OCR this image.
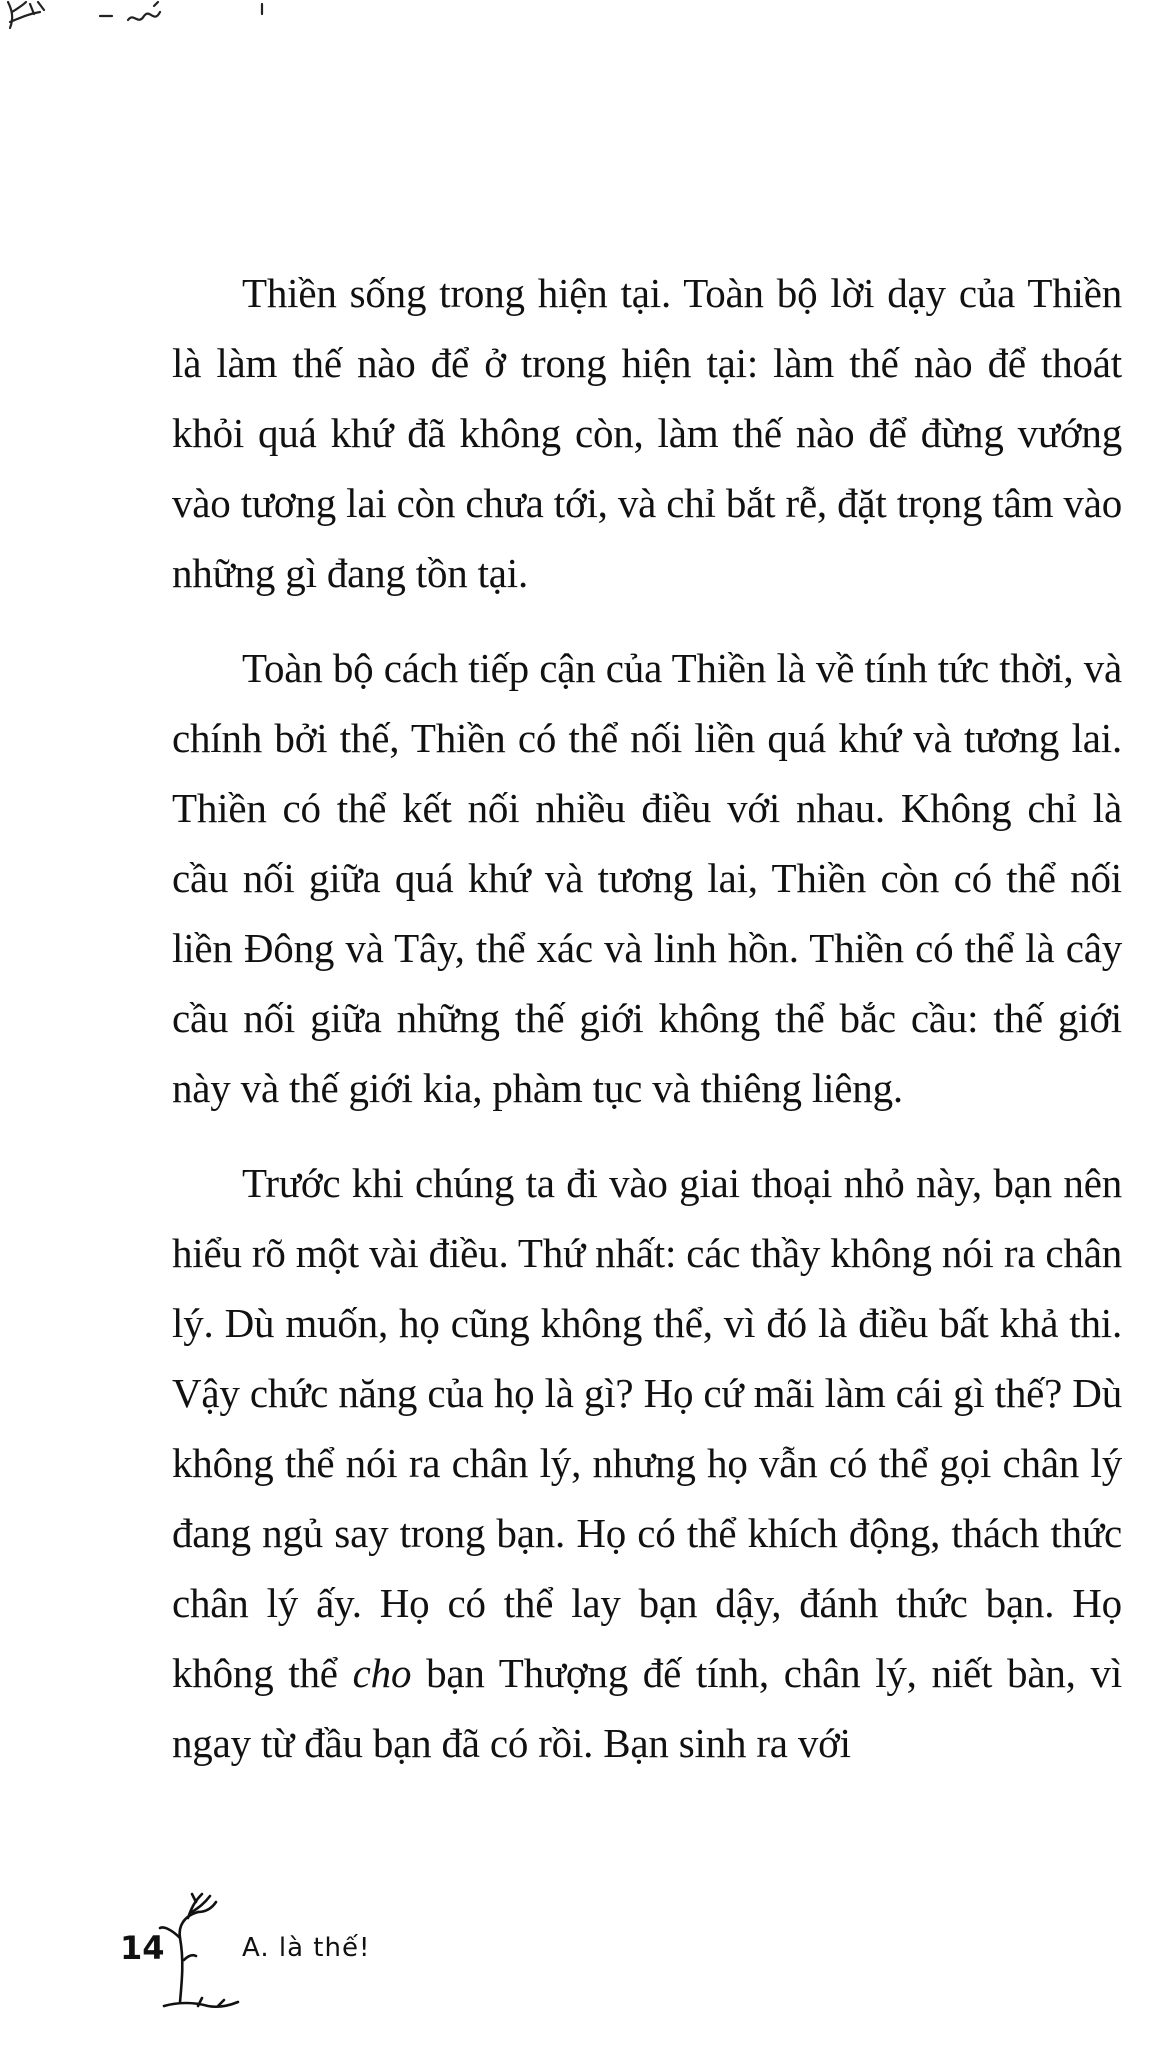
Thiền sống trong hiện tại. Toàn bộ lời dạy của Thiền là làm thế nào để ở trong hiện tại: làm thế nào để thoát khỏi quá khứ đã không còn, làm thế nào để đừng vướng vào tương lai còn chưa tới, và chỉ bắt rễ, đặt trọng tâm vào những gì đang tồn tại.

Toàn bộ cách tiếp cận của Thiền là về tính tức thời, và chính bởi thế, Thiền có thể nối liền quá khứ và tương lai. Thiền có thể kết nối nhiều điều với nhau. Không chỉ là cầu nối giữa quá khứ và tương lai, Thiền còn có thể nối liền Đông và Tây, thể xác và linh hồn. Thiền có thể là cây cầu nối giữa những thế giới không thể bắc cầu: thế giới này và thế giới kia, phàm tục và thiêng liêng.

Trước khi chúng ta đi vào giai thoại nhỏ này, bạn nên hiểu rõ một vài điều. Thứ nhất: các thầy không nói ra chân lý. Dù muốn, họ cũng không thể, vì đó là điều bất khả thi. Vậy chức năng của họ là gì? Họ cứ mãi làm cái gì thế? Dù không thể nói ra chân lý, nhưng họ vẫn có thể gọi chân lý đang ngủ say trong bạn. Họ có thể khích động, thách thức chân lý ấy. Họ có thể lay bạn dậy, đánh thức bạn. Họ không thể cho bạn Thượng đế tính, chân lý, niết bàn, vì ngay từ đầu bạn đã có rồi. Bạn sinh ra với

14	A. là thế!
